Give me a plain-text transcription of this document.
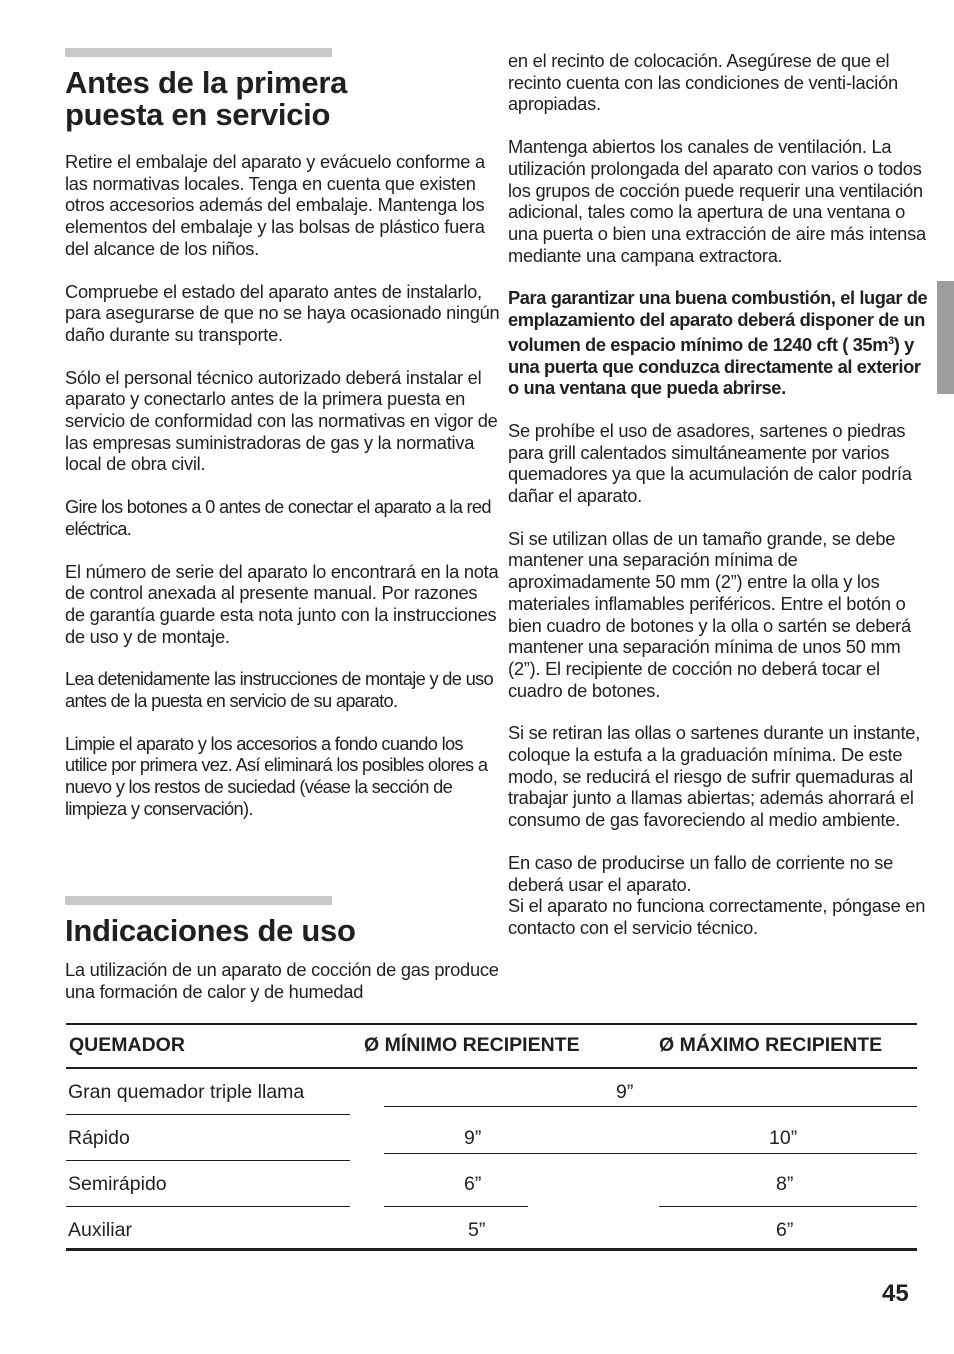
Antes de la primera
puesta en servicio

Retire el embalaje del aparato y evácuelo conforme a las normativas locales. Tenga en cuenta que existen otros accesorios además del embalaje. Mantenga los elementos del embalaje y las bolsas de plástico fuera del alcance de los niños.

Compruebe el estado del aparato antes de instalarlo, para asegurarse de que no se haya ocasionado ningún daño durante su transporte.

Sólo el personal técnico autorizado deberá instalar el aparato y conectarlo antes de la primera puesta en servicio de conformidad con las normativas en vigor de las empresas suministradoras de gas y la normativa local de obra civil.

Gire los botones a 0 antes de conectar el aparato a la red eléctrica.

El número de serie del aparato lo encontrará en la nota de control anexada al presente manual. Por razones de garantía guarde esta nota junto con la instrucciones de uso y de montaje.

Lea detenidamente las instrucciones de montaje y de uso antes de la puesta en servicio de su aparato.

Limpie el aparato y los accesorios a fondo cuando los utilice por primera vez. Así eliminará los posibles olores a nuevo y los restos de suciedad (véase la sección de limpieza y conservación).

Indicaciones de uso

La utilización de un aparato de cocción de gas produce una formación de calor y de humedad

en el recinto de colocación. Asegúrese de que el recinto cuenta con las condiciones de venti-lación apropiadas.

Mantenga abiertos los canales de ventilación. La utilización prolongada del aparato con varios o todos los grupos de cocción puede requerir una ventilación adicional, tales como la apertura de una ventana o una puerta o bien una extracción de aire más intensa mediante una campana extractora.

Para garantizar una buena combustión, el lugar de emplazamiento del aparato deberá disponer de un volumen de espacio mínimo de 1240 cft ( $35m^3$) y una puerta que conduzca directamente al exterior o una ventana que pueda abrirse.

Se prohíbe el uso de asadores, sartenes o piedras para grill calentados simultáneamente por varios quemadores ya que la acumulación de calor podría dañar el aparato.

Si se utilizan ollas de un tamaño grande, se debe mantener una separación mínima de aproximadamente 50 mm (2”) entre la olla y los materiales inflamables periféricos. Entre el botón o bien cuadro de botones y la olla o sartén se deberá mantener una separación mínima de unos 50 mm (2”). El recipiente de cocción no deberá tocar el cuadro de botones.

Si se retiran las ollas o sartenes durante un instante, coloque la estufa a la graduación mínima. De este modo, se reducirá el riesgo de sufrir quemaduras al trabajar junto a llamas abiertas; además ahorrará el consumo de gas favoreciendo al medio ambiente.

En caso de producirse un fallo de corriente no se deberá usar el aparato.
Si el aparato no funciona correctamente, póngase en contacto con el servicio técnico.

QUEMADOR	Ø MÍNIMO RECIPIENTE	Ø MÁXIMO RECIPIENTE
Gran quemador triple llama	9”
Rápido	9”	10”
Semirápido	6”	8”
Auxiliar	5”	6”
45
